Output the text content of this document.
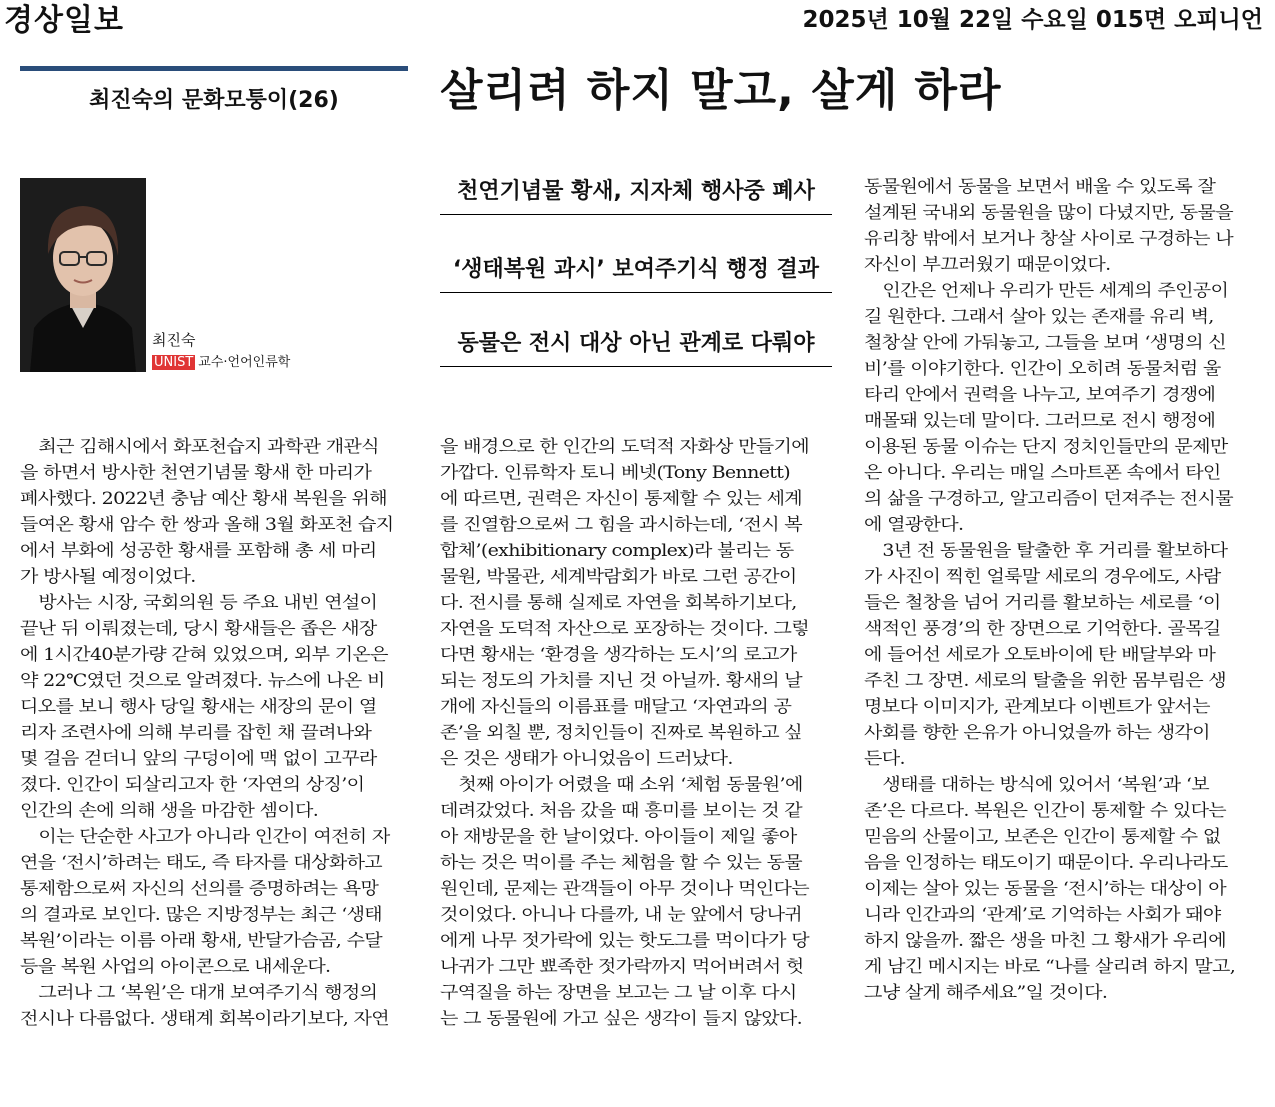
경상일보	2025년 10월 22일 수요일 015면 오피니언
최진숙의 문화모퉁이(26)	살리려 하지 말고, 살게 하라
최진숙
UNIST 교수·언어인류학
천연기념물 황새, 지자체 행사중 폐사
‘생태복원 과시’ 보여주기식 행정 결과
동물은 전시 대상 아닌 관계로 다뤄야
　최근 김해시에서 화포천습지 과학관 개관식
을 하면서 방사한 천연기념물 황새 한 마리가
폐사했다. 2022년 충남 예산 황새 복원을 위해
들여온 황새 암수 한 쌍과 올해 3월 화포천 습지
에서 부화에 성공한 황새를 포함해 총 세 마리
가 방사될 예정이었다.
　방사는 시장, 국회의원 등 주요 내빈 연설이
끝난 뒤 이뤄졌는데, 당시 황새들은 좁은 새장
에 1시간40분가량 갇혀 있었으며, 외부 기온은
약 22℃였던 것으로 알려졌다. 뉴스에 나온 비
디오를 보니 행사 당일 황새는 새장의 문이 열
리자 조련사에 의해 부리를 잡힌 채 끌려나와
몇 걸음 걷더니 앞의 구덩이에 맥 없이 고꾸라
졌다. 인간이 되살리고자 한 ‘자연의 상징’이
인간의 손에 의해 생을 마감한 셈이다.
　이는 단순한 사고가 아니라 인간이 여전히 자
연을 ‘전시’하려는 태도, 즉 타자를 대상화하고
통제함으로써 자신의 선의를 증명하려는 욕망
의 결과로 보인다. 많은 지방정부는 최근 ‘생태
복원’이라는 이름 아래 황새, 반달가슴곰, 수달
등을 복원 사업의 아이콘으로 내세운다.
　그러나 그 ‘복원’은 대개 보여주기식 행정의
전시나 다름없다. 생태계 회복이라기보다, 자연
을 배경으로 한 인간의 도덕적 자화상 만들기에
가깝다. 인류학자 토니 베넷(Tony Bennett)
에 따르면, 권력은 자신이 통제할 수 있는 세계
를 진열함으로써 그 힘을 과시하는데, ‘전시 복
합체’(exhibitionary complex)라 불리는 동
물원, 박물관, 세계박람회가 바로 그런 공간이
다. 전시를 통해 실제로 자연을 회복하기보다,
자연을 도덕적 자산으로 포장하는 것이다. 그렇
다면 황새는 ‘환경을 생각하는 도시’의 로고가
되는 정도의 가치를 지닌 것 아닐까. 황새의 날
개에 자신들의 이름표를 매달고 ‘자연과의 공
존’을 외칠 뿐, 정치인들이 진짜로 복원하고 싶
은 것은 생태가 아니었음이 드러났다.
　첫째 아이가 어렸을 때 소위 ‘체험 동물원’에
데려갔었다. 처음 갔을 때 흥미를 보이는 것 같
아 재방문을 한 날이었다. 아이들이 제일 좋아
하는 것은 먹이를 주는 체험을 할 수 있는 동물
원인데, 문제는 관객들이 아무 것이나 먹인다는
것이었다. 아니나 다를까, 내 눈 앞에서 당나귀
에게 나무 젓가락에 있는 핫도그를 먹이다가 당
나귀가 그만 뾰족한 젓가락까지 먹어버려서 헛
구역질을 하는 장면을 보고는 그 날 이후 다시
는 그 동물원에 가고 싶은 생각이 들지 않았다.
동물원에서 동물을 보면서 배울 수 있도록 잘
설계된 국내외 동물원을 많이 다녔지만, 동물을
유리창 밖에서 보거나 창살 사이로 구경하는 나
자신이 부끄러웠기 때문이었다.
　인간은 언제나 우리가 만든 세계의 주인공이
길 원한다. 그래서 살아 있는 존재를 유리 벽,
철창살 안에 가둬놓고, 그들을 보며 ‘생명의 신
비’를 이야기한다. 인간이 오히려 동물처럼 울
타리 안에서 권력을 나누고, 보여주기 경쟁에
매몰돼 있는데 말이다. 그러므로 전시 행정에
이용된 동물 이슈는 단지 정치인들만의 문제만
은 아니다. 우리는 매일 스마트폰 속에서 타인
의 삶을 구경하고, 알고리즘이 던져주는 전시물
에 열광한다.
　3년 전 동물원을 탈출한 후 거리를 활보하다
가 사진이 찍힌 얼룩말 세로의 경우에도, 사람
들은 철창을 넘어 거리를 활보하는 세로를 ‘이
색적인 풍경’의 한 장면으로 기억한다. 골목길
에 들어선 세로가 오토바이에 탄 배달부와 마
주친 그 장면. 세로의 탈출을 위한 몸부림은 생
명보다 이미지가, 관계보다 이벤트가 앞서는
사회를 향한 은유가 아니었을까 하는 생각이
든다.
　생태를 대하는 방식에 있어서 ‘복원’과 ‘보
존’은 다르다. 복원은 인간이 통제할 수 있다는
믿음의 산물이고, 보존은 인간이 통제할 수 없
음을 인정하는 태도이기 때문이다. 우리나라도
이제는 살아 있는 동물을 ‘전시’하는 대상이 아
니라 인간과의 ‘관계’로 기억하는 사회가 돼야
하지 않을까. 짧은 생을 마친 그 황새가 우리에
게 남긴 메시지는 바로 “나를 살리려 하지 말고,
그냥 살게 해주세요”일 것이다.
